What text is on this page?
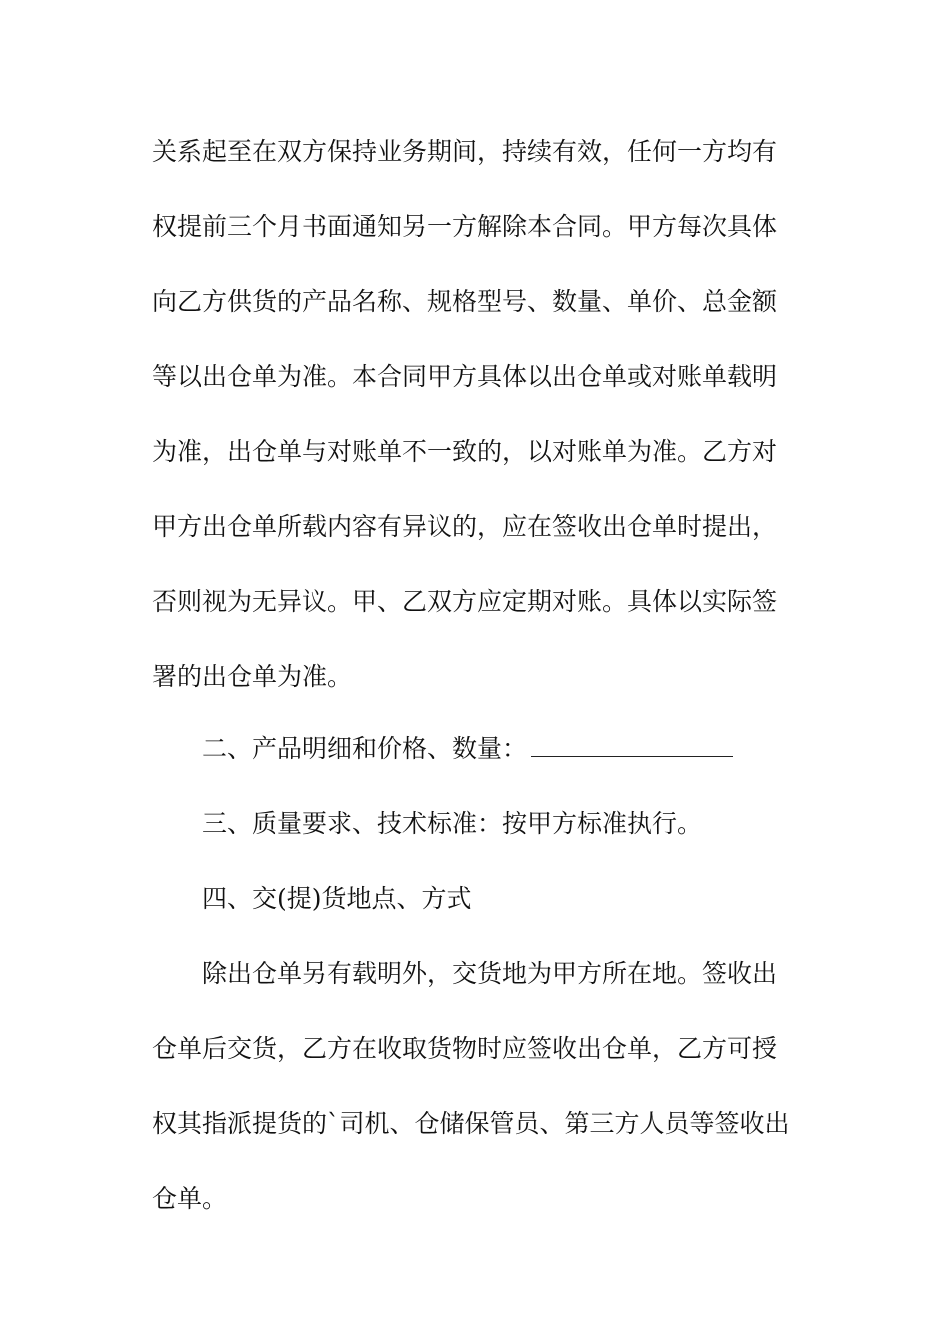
关系起至在双方保持业务期间，持续有效，任何一方均有
权提前三个月书面通知另一方解除本合同。甲方每次具体
向乙方供货的产品名称、规格型号、数量、单价、总金额
等以出仓单为准。本合同甲方具体以出仓单或对账单载明
为准，出仓单与对账单不一致的，以对账单为准。乙方对
甲方出仓单所载内容有异议的，应在签收出仓单时提出，
否则视为无异议。甲、乙双方应定期对账。具体以实际签
署的出仓单为准。
二、产品明细和价格、数量：
三、质量要求、技术标准：按甲方标准执行。
四、交(提)货地点、方式
除出仓单另有载明外，交货地为甲方所在地。签收出
仓单后交货，乙方在收取货物时应签收出仓单，乙方可授
权其指派提货的`司机、仓储保管员、第三方人员等签收出
仓单。
